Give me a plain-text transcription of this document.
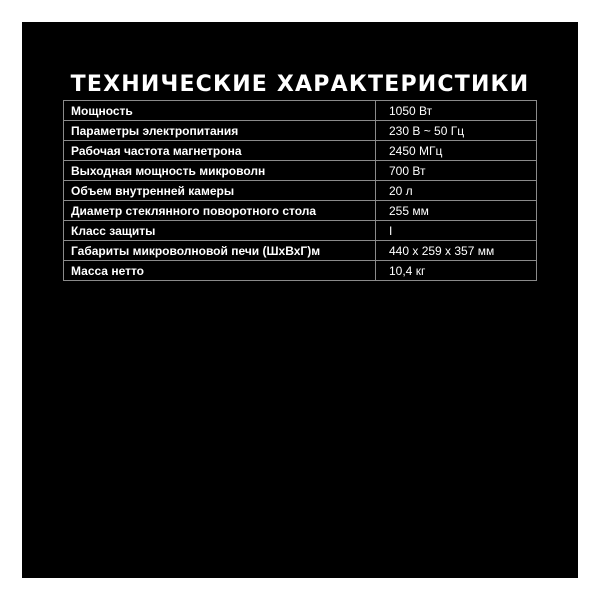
ТЕХНИЧЕСКИЕ ХАРАКТЕРИСТИКИ
Мощность	1050 Вт
Параметры электропитания	230 В ~ 50 Гц
Рабочая частота магнетрона	2450 МГц
Выходная мощность микроволн	700 Вт
Объем внутренней камеры	20 л
Диаметр стеклянного поворотного стола	255 мм
Класс защиты	I
Габариты микроволновой печи (ШхВхГ)м	440 х 259 х 357 мм
Масса нетто	10,4 кг
